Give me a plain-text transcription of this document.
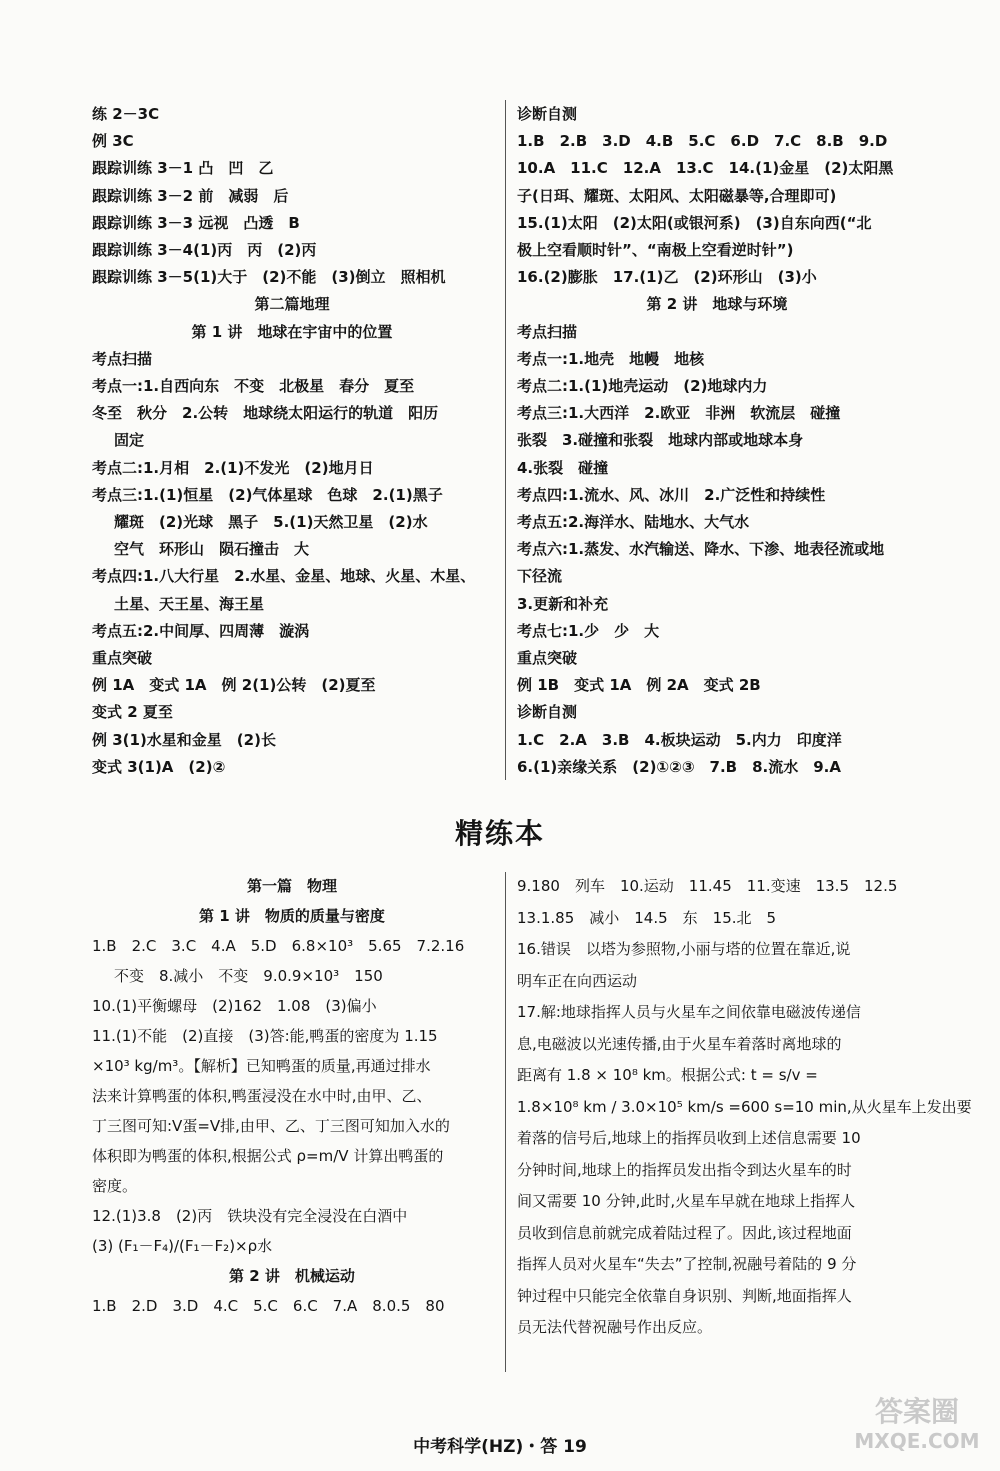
练 2－3C
例 3C
跟踪训练 3－1 凸　凹　乙
跟踪训练 3－2 前　减弱　后
跟踪训练 3－3 远视　凸透　B
跟踪训练 3－4(1)丙　丙　(2)丙
跟踪训练 3－5(1)大于　(2)不能　(3)倒立　照相机
第二篇地理
第 1 讲　地球在宇宙中的位置
考点扫描
考点一:1.自西向东　不变　北极星　春分　夏至
冬至　秋分　2.公转　地球绕太阳运行的轨道　阳历
固定
考点二:1.月相　2.(1)不发光　(2)地月日
考点三:1.(1)恒星　(2)气体星球　色球　2.(1)黑子
耀斑　(2)光球　黑子　5.(1)天然卫星　(2)水
空气　环形山　陨石撞击　大
考点四:1.八大行星　2.水星、金星、地球、火星、木星、
土星、天王星、海王星
考点五:2.中间厚、四周薄　漩涡
重点突破
例 1A　变式 1A　例 2(1)公转　(2)夏至
变式 2 夏至
例 3(1)水星和金星　(2)长
变式 3(1)A　(2)②
诊断自测
1.B　2.B　3.D　4.B　5.C　6.D　7.C　8.B　9.D
10.A　11.C　12.A　13.C　14.(1)金星　(2)太阳黑
子(日珥、耀斑、太阳风、太阳磁暴等,合理即可)
15.(1)太阳　(2)太阳(或银河系)　(3)自东向西(“北
极上空看顺时针”、“南极上空看逆时针”)
16.(2)膨胀　17.(1)乙　(2)环形山　(3)小
第 2 讲　地球与环境
考点扫描
考点一:1.地壳　地幔　地核
考点二:1.(1)地壳运动　(2)地球内力
考点三:1.大西洋　2.欧亚　非洲　软流层　碰撞
张裂　3.碰撞和张裂　地球内部或地球本身
4.张裂　碰撞
考点四:1.流水、风、冰川　2.广泛性和持续性
考点五:2.海洋水、陆地水、大气水
考点六:1.蒸发、水汽输送、降水、下渗、地表径流或地
下径流
3.更新和补充
考点七:1.少　少　大
重点突破
例 1B　变式 1A　例 2A　变式 2B
诊断自测
1.C　2.A　3.B　4.板块运动　5.内力　印度洋
6.(1)亲缘关系　(2)①②③　7.B　8.流水　9.A
精练本
第一篇　物理
第 1 讲　物质的质量与密度
1.B　2.C　3.C　4.A　5.D　6.8×10³　5.65　7.2.16
不变　8.减小　不变　9.0.9×10³　150
10.(1)平衡螺母　(2)162　1.08　(3)偏小
11.(1)不能　(2)直接　(3)答:能,鸭蛋的密度为 1.15
×10³ kg/m³。【解析】已知鸭蛋的质量,再通过排水
法来计算鸭蛋的体积,鸭蛋浸没在水中时,由甲、乙、
丁三图可知:V蛋=V排,由甲、乙、丁三图可知加入水的
体积即为鸭蛋的体积,根据公式 ρ=m/V 计算出鸭蛋的
密度。
12.(1)3.8　(2)丙　铁块没有完全浸没在白酒中
(3) (F₁－F₄)/(F₁－F₂)×ρ水
第 2 讲　机械运动
1.B　2.D　3.D　4.C　5.C　6.C　7.A　8.0.5　80
9.180　列车　10.运动　11.45　11.变速　13.5　12.5
13.1.85　减小　14.5　东　15.北　5
16.错误　以塔为参照物,小丽与塔的位置在靠近,说
明车正在向西运动
17.解:地球指挥人员与火星车之间依靠电磁波传递信
息,电磁波以光速传播,由于火星车着落时离地球的
距离有 1.8 × 10⁸ km。根据公式: t = s/v =
1.8×10⁸ km / 3.0×10⁵ km/s =600 s=10 min,从火星车上发出要
着落的信号后,地球上的指挥员收到上述信息需要 10
分钟时间,地球上的指挥员发出指令到达火星车的时
间又需要 10 分钟,此时,火星车早就在地球上指挥人
员收到信息前就完成着陆过程了。因此,该过程地面
指挥人员对火星车“失去”了控制,祝融号着陆的 9 分
钟过程中只能完全依靠自身识别、判断,地面指挥人
员无法代替祝融号作出反应。
中考科学(HZ)・答 19
答案圈
MXQE.COM
